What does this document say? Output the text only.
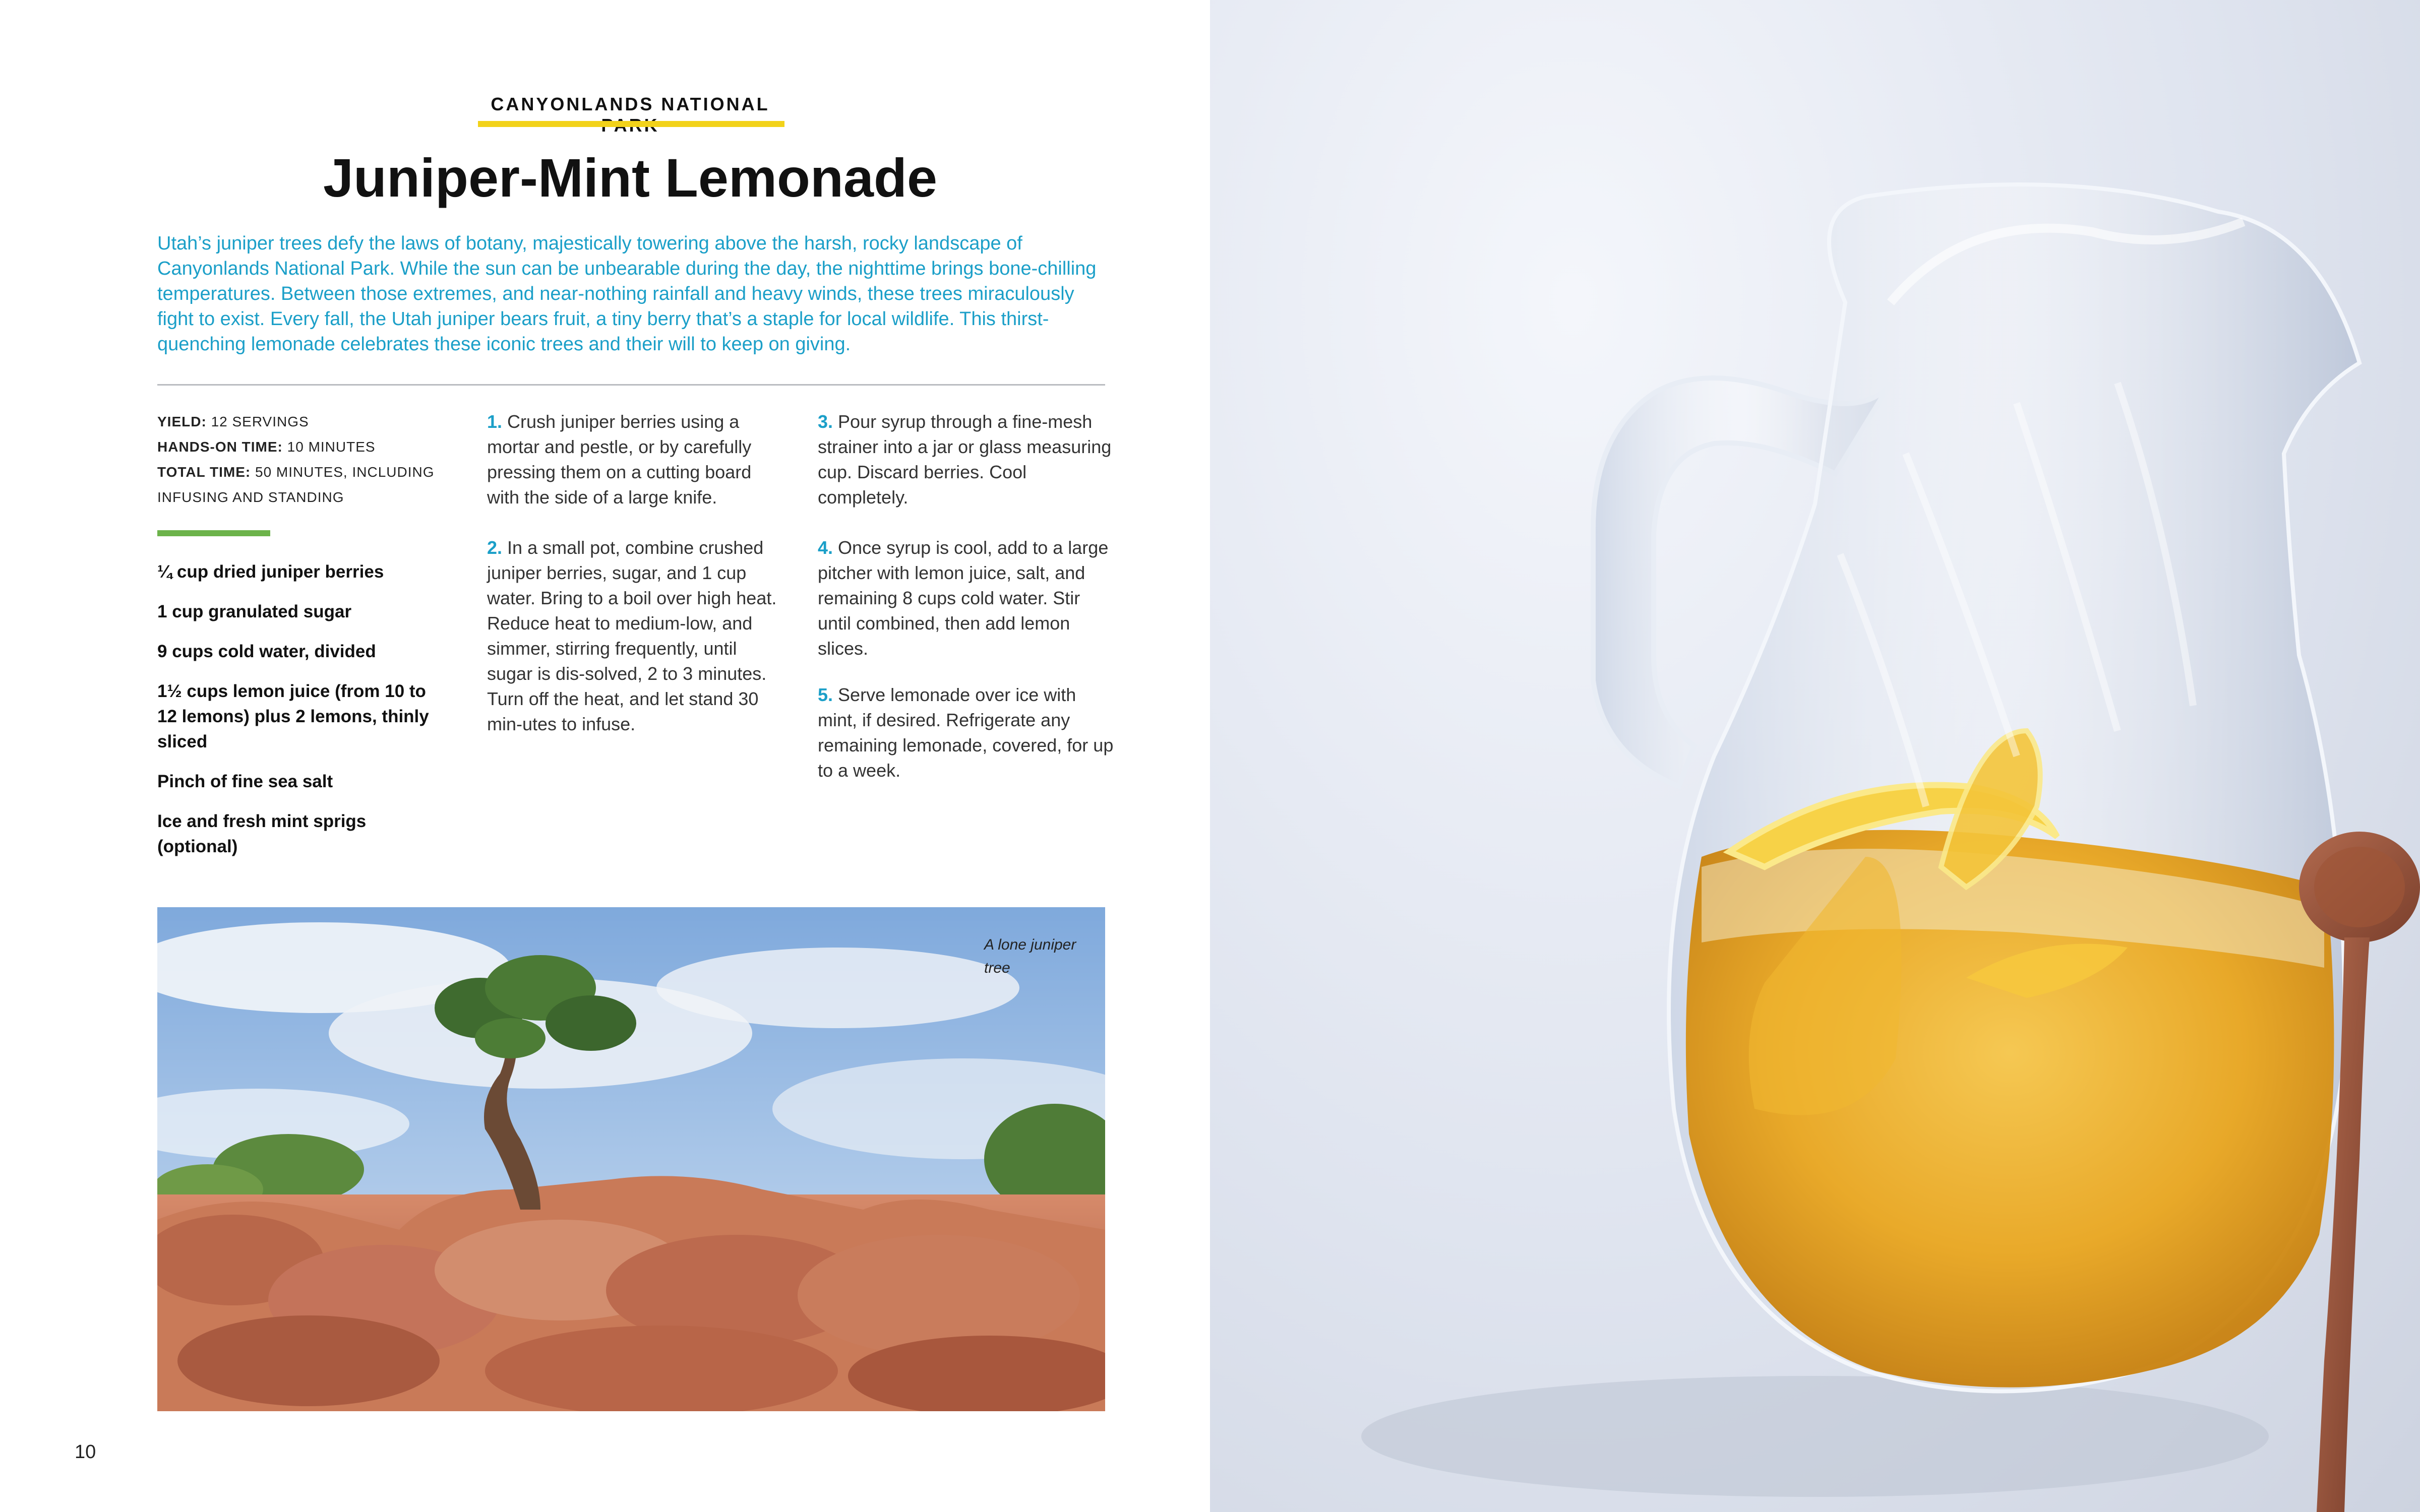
CANYONLANDS NATIONAL
Juniper-Mint Lemonade

Utah’s juniper trees defy the laws of botany, majestically towering above the harsh, rocky landscape of Canyonlands National Park. While the sun can be unbearable during the day, the nighttime brings bone-chilling temperatures. Between those extremes, and near-nothing rainfall and heavy winds, these trees miraculously fight to exist. Every fall, the Utah juniper bears fruit, a tiny berry that’s a staple for local wildlife. This thirst-quenching lemonade celebrates these iconic trees and their will to keep on giving.

YIELD: 12 SERVINGS
HANDS-ON TIME: 10 MINUTES
TOTAL TIME: 50 MINUTES, INCLUDING INFUSING AND STANDING
¼ cup dried juniper berries
1 cup granulated sugar
9 cups cold water, divided
1½ cups lemon juice (from 10 to 12 lemons) plus 2 lemons, thinly sliced
Pinch of fine sea salt
Ice and fresh mint sprigs (optional)
1. Crush juniper berries using a mortar and pestle, or by carefully pressing them on a cutting board with the side of a large knife.
2. In a small pot, combine crushed juniper berries, sugar, and 1 cup water. Bring to a boil over high heat. Reduce heat to medium-low, and simmer, stirring frequently, until sugar is dis-solved, 2 to 3 minutes. Turn off the heat, and let stand 30 min-utes to infuse.
3. Pour syrup through a fine-mesh strainer into a jar or glass measuring cup. Discard berries. Cool completely.
4. Once syrup is cool, add to a large pitcher with lemon juice, salt, and remaining 8 cups cold water. Stir until combined, then add lemon slices.
5. Serve lemonade over ice with mint, if desired. Refrigerate any remaining lemonade, covered, for up to a week.
A lone juniper tree
10
